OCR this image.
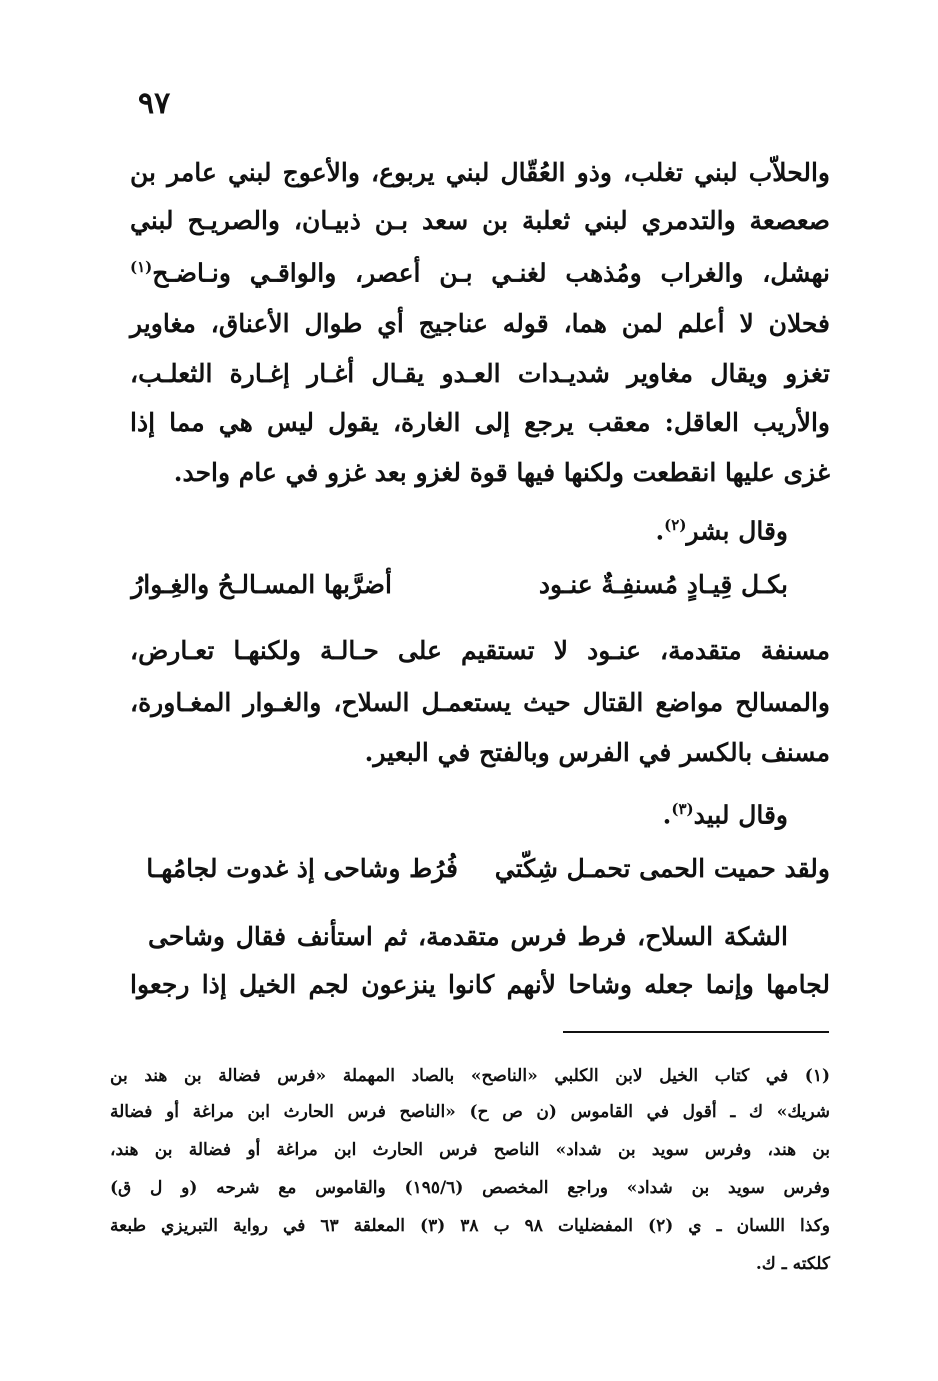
٩٧
والحلاّب لبني تغلب، وذو العُقّال لبني يربوع، والأعوج لبني عامر بن
صعصعة والتدمري لبني ثعلبة بن سعد بـن ذبيـان، والصريـح لبني
نهشل، والغراب ومُذهب لغنـي بـن أعصر، والواقـي ونـاضـح$^{(١)}$
فحلان لا أعلم لمن هما، قوله عناجيج أي طوال الأعناق، مغاوير
تغزو ويقال مغاوير شديـدات العـدو يقـال أغـار إغـارة الثعلـب،
والأريب العاقل: معقب يرجع إلى الغارة، يقول ليس هي مما إذا
غزى عليها انقطعت ولكنها فيها قوة لغزو بعد غزو في عام واحد.
وقال بشر$^{(٢)}$.
بكـل قِيـادٍ مُسنفِـةٌ عنـود
أضرَّبها المسـالـحُ والغِـوارُ
مسنفة متقدمة، عنـود لا تستقيم على حـالـة ولكنهـا تعـارض،
والمسالح مواضع القتال حيث يستعمـل السلاح، والغـوار المغـاورة،
مسنف بالكسر في الفرس وبالفتح في البعير.
وقال لبيد$^{(٣)}$.
ولقد حميت الحمى تحمـل شِكّتي
فُرُط وشاحى إذ غدوت لجامُهـا
الشكة السلاح، فرط فرس متقدمة، ثم استأنف فقال وشاحى
لجامها وإنما جعله وشاحا لأنهم كانوا ينزعون لجم الخيل إذا رجعوا
(١) في كتاب الخيل لابن الكلبي «الناصح» بالصاد المهملة «فرس فضالة بن هند بن
شريك» ك ـ أقول في القاموس (ن ص ح) «الناصح فرس الحارث ابن مراغة أو فضالة
بن هند، وفرس سويد بن شداد» الناصح فرس الحارث ابن مراغة أو فضالة بن هند،
وفرس سويد بن شداد» وراجع المخصص (١٩٥/٦) والقاموس مع شرحه (و ل ق)
وكذا اللسان ـ ي (٢) المفضليات ٩٨ ب ٣٨ (٣) المعلقة ٦٣ في رواية التبريزي طبعة
كلكته ـ ك.
